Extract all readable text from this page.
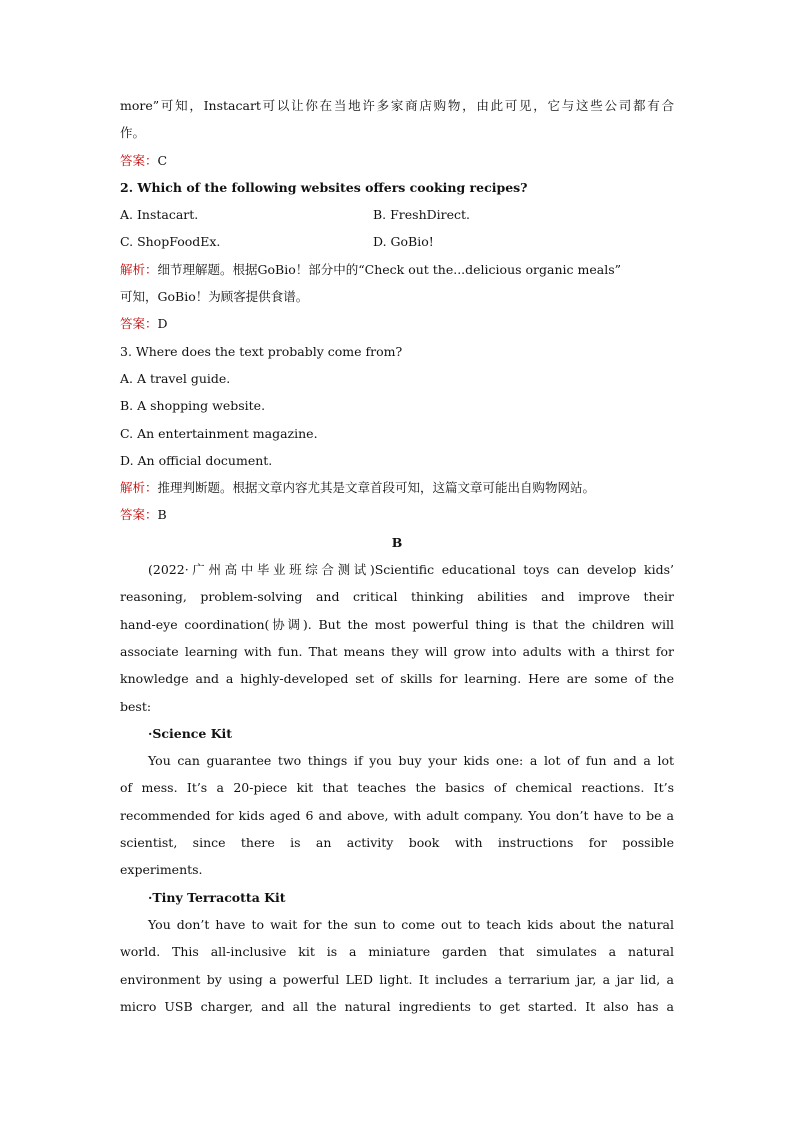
more”可知，Instacart可以让你在当地许多家商店购物，由此可见，它与这些公司都有合
作。
答案：C
2. Which of the following websites offers cooking recipes?
A. Instacart.	B. FreshDirect.
C. ShopFoodEx.	D. GoBio!
解析：细节理解题。根据GoBio！部分中的“Check out the...delicious organic meals”
可知，GoBio！为顾客提供食谱。
答案：D
3. Where does the text probably come from?
A. A travel guide.
B. A shopping website.
C. An entertainment magazine.
D. An official document.
解析：推理判断题。根据文章内容尤其是文章首段可知，这篇文章可能出自购物网站。
答案：B
B
(2022·广州高中毕业班综合测试)Scientific educational toys can develop kids’
reasoning, problem-solving and critical thinking abilities and improve their
hand-eye coordination(协调). But the most powerful thing is that the children will
associate learning with fun. That means they will grow into adults with a thirst for
knowledge and a highly-developed set of skills for learning. Here are some of the
best:
·Science Kit
You can guarantee two things if you buy your kids one: a lot of fun and a lot
of mess. It’s a 20-piece kit that teaches the basics of chemical reactions. It’s
recommended for kids aged 6 and above, with adult company. You don’t have to be a
scientist, since there is an activity book with instructions for possible
experiments.
·Tiny Terracotta Kit
You don’t have to wait for the sun to come out to teach kids about the natural
world. This all-inclusive kit is a miniature garden that simulates a natural
environment by using a powerful LED light. It includes a terrarium jar, a jar lid, a
micro USB charger, and all the natural ingredients to get started. It also has a
